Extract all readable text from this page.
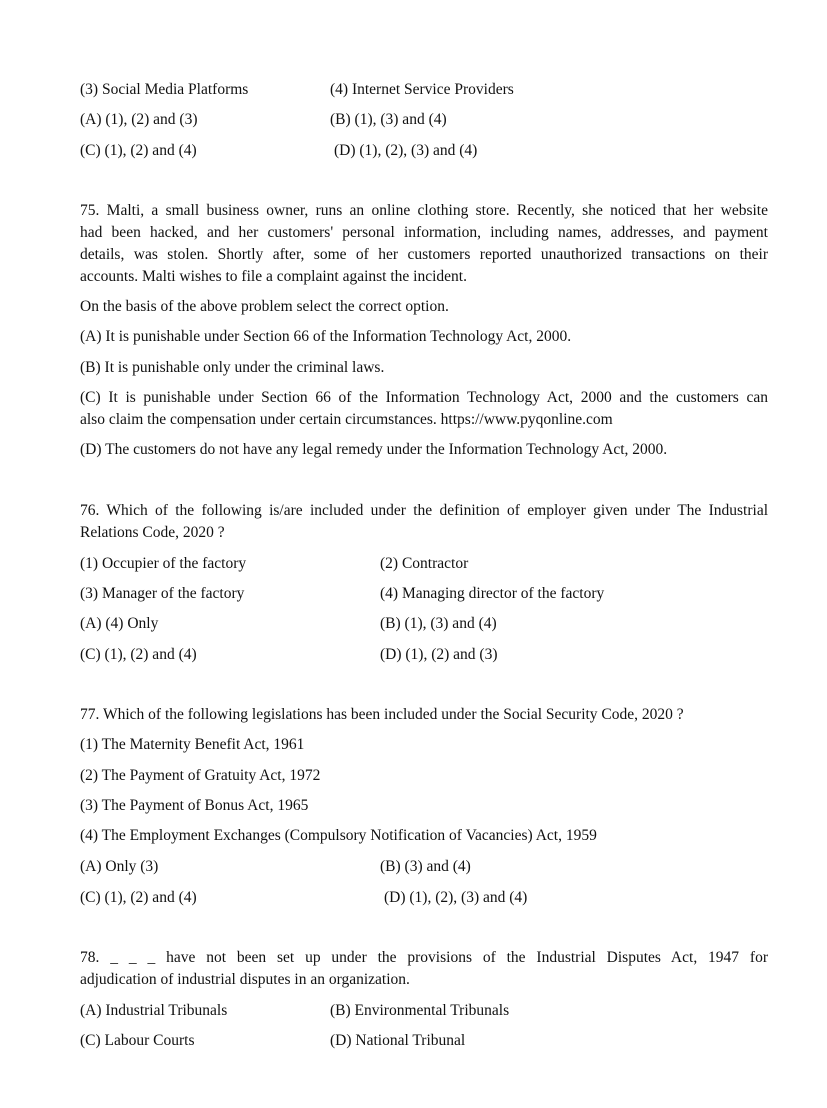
(3) Social Media Platforms	(4) Internet Service Providers
(A) (1), (2) and (3)	(B) (1), (3) and (4)
(C) (1), (2) and (4)	(D) (1), (2), (3) and (4)
75. Malti, a small business owner, runs an online clothing store. Recently, she noticed that her website
had been hacked, and her customers' personal information, including names, addresses, and payment
details, was stolen. Shortly after, some of her customers reported unauthorized transactions on their
accounts. Malti wishes to file a complaint against the incident.
On the basis of the above problem select the correct option.
(A) It is punishable under Section 66 of the Information Technology Act, 2000.
(B) It is punishable only under the criminal laws.
(C) It is punishable under Section 66 of the Information Technology Act, 2000 and the customers can
also claim the compensation under certain circumstances. https://www.pyqonline.com
(D) The customers do not have any legal remedy under the Information Technology Act, 2000.
76. Which of the following is/are included under the definition of employer given under The Industrial
Relations Code, 2020 ?
(1) Occupier of the factory	(2) Contractor
(3) Manager of the factory	(4) Managing director of the factory
(A) (4) Only	(B) (1), (3) and (4)
(C) (1), (2) and (4)	(D) (1), (2) and (3)
77. Which of the following legislations has been included under the Social Security Code, 2020 ?
(1) The Maternity Benefit Act, 1961
(2) The Payment of Gratuity Act, 1972
(3) The Payment of Bonus Act, 1965
(4) The Employment Exchanges (Compulsory Notification of Vacancies) Act, 1959
(A) Only (3)	(B) (3) and (4)
(C) (1), (2) and (4)	(D) (1), (2), (3) and (4)
78. _ _ _ have not been set up under the provisions of the Industrial Disputes Act, 1947 for
adjudication of industrial disputes in an organization.
(A) Industrial Tribunals	(B) Environmental Tribunals
(C) Labour Courts	(D) National Tribunal
